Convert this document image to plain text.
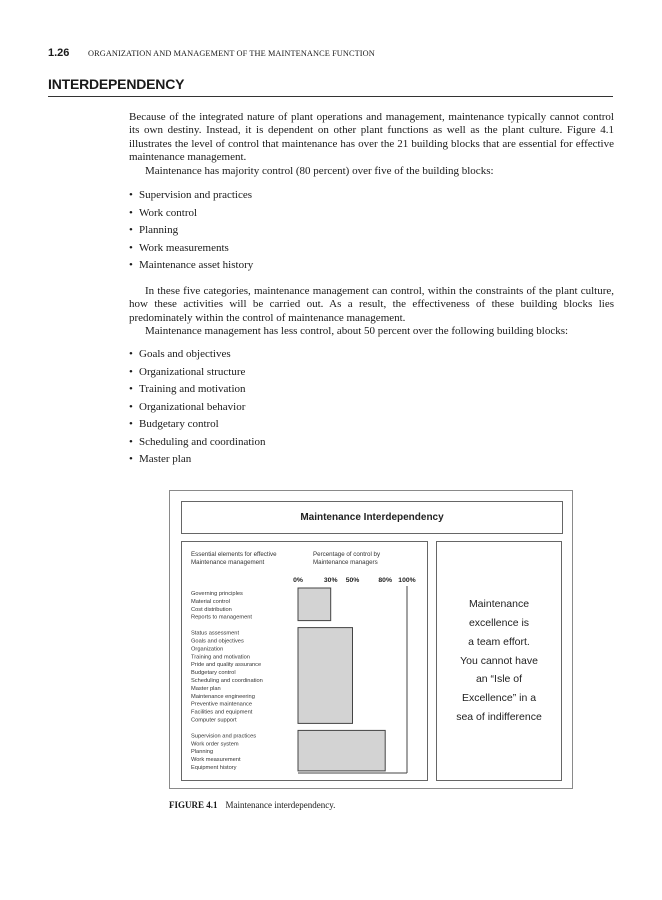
1.26	ORGANIZATION AND MANAGEMENT OF THE MAINTENANCE FUNCTION
INTERDEPENDENCY

Because of the integrated nature of plant operations and management, maintenance typically cannot control its own destiny. Instead, it is dependent on other plant functions as well as the plant culture. Figure 4.1 illustrates the level of control that maintenance has over the 21 building blocks that are essential for effective maintenance management.

Maintenance has majority control (80 percent) over five of the building blocks:

• Supervision and practices
• Work control
• Planning
• Work measurements
• Maintenance asset history

In these five categories, maintenance management can control, within the constraints of the plant culture, how these activities will be carried out. As a result, the effectiveness of these building blocks lies predominately within the control of maintenance management.

Maintenance management has less control, about 50 percent over the following building blocks:

• Goals and objectives
• Organizational structure
• Training and motivation
• Organizational behavior
• Budgetary control
• Scheduling and coordination
• Master plan
Maintenance Interdependency
Essential elements for effective
Maintenance management
Percentage of control by
Maintenance managers
0%	30% 50%	80% 100%
Governing principles
Material control
Cost distribution
Reports to management
Status assessment
Goals and objectives
Organization
Training and motivation
Pride and quality assurance
Budgetary control
Scheduling and coordination
Master plan
Maintenance engineering
Preventive maintenance
Facilities and equipment
Computer support
Supervision and practices
Work order system
Planning
Work measurement
Equipment history
Maintenance
excellence is
a team effort.
You cannot have
an “Isle of
Excellence” in a
sea of indifference
FIGURE 4.1 Maintenance interdependency.
